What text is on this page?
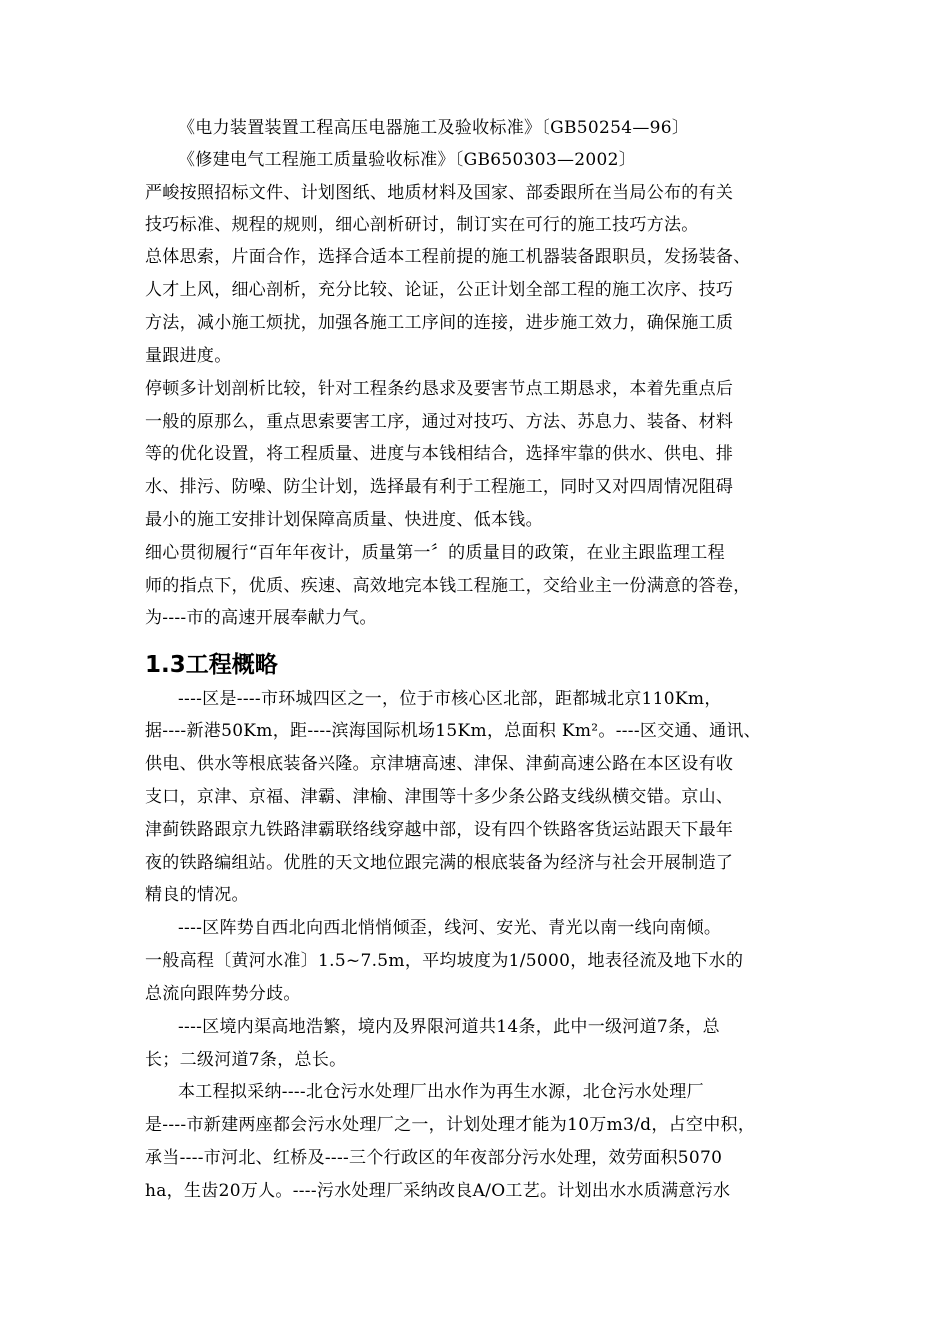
《电力装置装置工程高压电器施工及验收标准》〔GB50254—96〕
《修建电气工程施工质量验收标准》〔GB650303—2002〕
严峻按照招标文件、计划图纸、地质材料及国家、部委跟所在当局公布的有关
技巧标准、规程的规则，细心剖析研讨，制订实在可行的施工技巧方法。
总体思索，片面合作，选择合适本工程前提的施工机器装备跟职员，发扬装备、
人才上风，细心剖析，充分比较、论证，公正计划全部工程的施工次序、技巧
方法，减小施工烦扰，加强各施工工序间的连接，进步施工效力，确保施工质
量跟进度。
停顿多计划剖析比较，针对工程条约恳求及要害节点工期恳求，本着先重点后
一般的原那么，重点思索要害工序，通过对技巧、方法、苏息力、装备、材料
等的优化设置，将工程质量、进度与本钱相结合，选择牢靠的供水、供电、排
水、排污、防噪、防尘计划，选择最有利于工程施工，同时又对四周情况阻碍
最小的施工安排计划保障高质量、快进度、低本钱。
细心贯彻履行“百年年夜计，质量第一〞的质量目的政策，在业主跟监理工程
师的指点下，优质、疾速、高效地完本钱工程施工，交给业主一份满意的答卷，
为----市的高速开展奉献力气。
1.3工程概略
----区是----市环城四区之一，位于市核心区北部，距都城北京110Km，
据----新港50Km，距----滨海国际机场15Km，总面积 Km²。----区交通、通讯、
供电、供水等根底装备兴隆。京津塘高速、津保、津蓟高速公路在本区设有收
支口，京津、京福、津霸、津榆、津围等十多少条公路支线纵横交错。京山、
津蓟铁路跟京九铁路津霸联络线穿越中部，设有四个铁路客货运站跟天下最年
夜的铁路编组站。优胜的天文地位跟完满的根底装备为经济与社会开展制造了
精良的情况。
----区阵势自西北向西北悄悄倾歪，线河、安光、青光以南一线向南倾。
一般高程〔黄河水准〕1.5~7.5m，平均坡度为1/5000，地表径流及地下水的
总流向跟阵势分歧。
----区境内渠高地浩繁，境内及界限河道共14条，此中一级河道7条，总
长；二级河道7条，总长。
本工程拟采纳----北仓污水处理厂出水作为再生水源，北仓污水处理厂
是----市新建两座都会污水处理厂之一，计划处理才能为10万m3/d，占空中积，
承当----市河北、红桥及----三个行政区的年夜部分污水处理，效劳面积5070
ha，生齿20万人。----污水处理厂采纳改良A/O工艺。计划出水水质满意污水
